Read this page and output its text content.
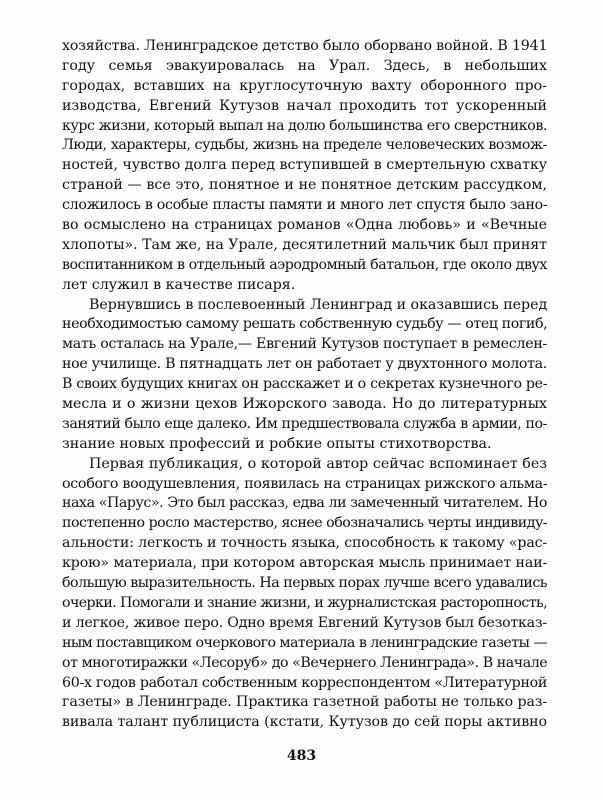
хозяйства. Ленинградское детство было оборвано войной. В 1941
году семья эвакуировалась на Урал. Здесь, в небольших
городах, вставших на круглосуточную вахту оборонного про-
изводства, Евгений Кутузов начал проходить тот ускоренный
курс жизни, который выпал на долю большинства его сверстников.
Люди, характеры, судьбы, жизнь на пределе человеческих возмож-
ностей, чувство долга перед вступившей в смертельную схватку
страной — все это, понятное и не понятное детским рассудком,
сложилось в особые пласты памяти и много лет спустя было зано-
во осмыслено на страницах романов «Одна любовь» и «Вечные
хлопоты». Там же, на Урале, десятилетний мальчик был принят
воспитанником в отдельный аэродромный батальон, где около двух
лет служил в качестве писаря.
Вернувшись в послевоенный Ленинград и оказавшись перед
необходимостью самому решать собственную судьбу — отец погиб,
мать осталась на Урале,— Евгений Кутузов поступает в ремеслен-
ное училище. В пятнадцать лет он работает у двухтонного молота.
В своих будущих книгах он расскажет и о секретах кузнечного ре-
месла и о жизни цехов Ижорского завода. Но до литературных
занятий было еще далеко. Им предшествовала служба в армии, по-
знание новых профессий и робкие опыты стихотворства.
Первая публикация, о которой автор сейчас вспоминает без
особого воодушевления, появилась на страницах рижского альма-
наха «Парус». Это был рассказ, едва ли замеченный читателем. Но
постепенно росло мастерство, яснее обозначались черты индивиду-
альности: легкость и точность языка, способность к такому «рас-
крою» материала, при котором авторская мысль принимает наи-
большую выразительность. На первых порах лучше всего удавались
очерки. Помогали и знание жизни, и журналистская расторопность,
и легкое, живое перо. Одно время Евгений Кутузов был безотказ-
ным поставщиком очеркового материала в ленинградские газеты —
от многотиражки «Лесоруб» до «Вечернего Ленинграда». В начале
60-х годов работал собственным корреспондентом «Литературной
газеты» в Ленинграде. Практика газетной работы не только раз-
вивала талант публициста (кстати, Кутузов до сей поры активно
483
